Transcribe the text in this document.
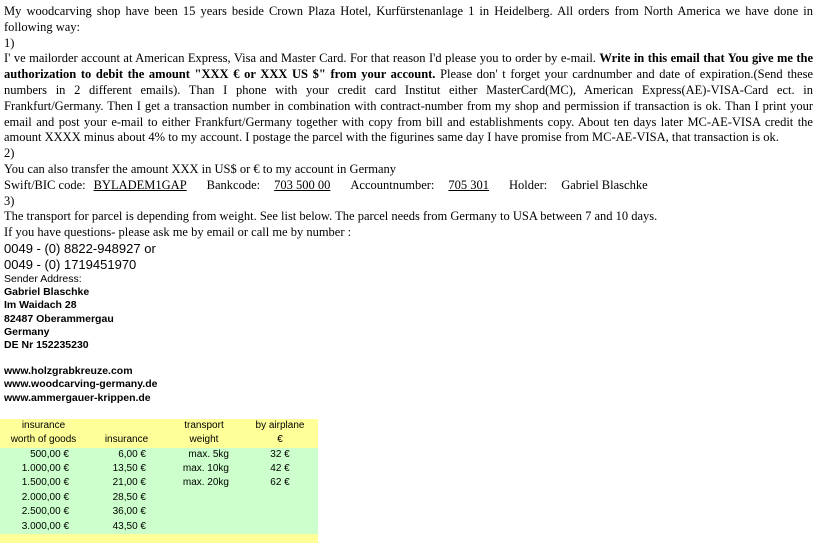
My woodcarving shop have been 15 years beside Crown Plaza Hotel, Kurfürstenanlage 1 in Heidelberg. All orders from North America we have done in following way:

1)

I' ve mailorder account at American Express, Visa and Master Card. For that reason I'd please you to order by e-mail. Write in this email that You give me the authorization to debit the amount "XXX € or XXX US $" from your account. Please don' t forget your cardnumber and date of expiration.(Send these numbers in 2 different emails). Than I phone with your credit card Institut either MasterCard(MC), American Express(AE)-VISA-Card ect. in Frankfurt/Germany. Then I get a transaction number in combination with contract-number from my shop and permission if transaction is ok. Than I print your email and post your e-mail to either Frankfurt/Germany together with copy from bill and establishments copy. About ten days later MC-AE-VISA credit the amount XXXX minus about 4% to my account. I postage the parcel with the figurines same day I have promise from MC-AE-VISA, that transaction is ok.

2)

You can also transfer the amount XXX in US$ or € to my account in Germany

Swift/BIC code: BYLADEM1GAP Bankcode: 703 500 00 Accountnumber: 705 301 Holder: Gabriel Blaschke

3)

The transport for parcel is depending from weight. See list below. The parcel needs from Germany to USA between 7 and 10 days.

If you have questions- please ask me by email or call me by number :

0049 - (0) 8822-948927 or
0049 - (0) 1719451970
Sender Address:
Gabriel Blaschke
Im Waidach 28
82487 Oberammergau
Germany
DE Nr 152235230
www.holzgrabkreuze.com
www.woodcarving-germany.de
www.ammergauer-krippen.de
insurance		transport	by airplane
worth of goods	insurance	weight	€
500,00 €	6,00 €	max. 5kg	32 €
1.000,00 €	13,50 €	max. 10kg	42 €
1.500,00 €	21,00 €	max. 20kg	62 €
2.000,00 €	28,50 €		
2.500,00 €	36,00 €		
3.000,00 €	43,50 €		
